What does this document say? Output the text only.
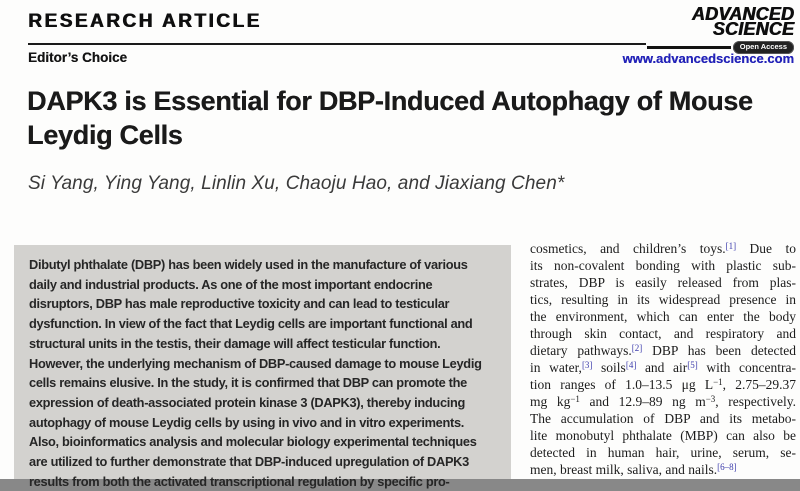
RESEARCH ARTICLE
Editor’s Choice
ADVANCED
SCIENCE
Open Access
www.advancedscience.com
DAPK3 is Essential for DBP-Induced Autophagy of Mouse
Leydig Cells
Si Yang, Ying Yang, Linlin Xu, Chaoju Hao, and Jiaxiang Chen*
Dibutyl phthalate (DBP) has been widely used in the manufacture of various
daily and industrial products. As one of the most important endocrine
disruptors, DBP has male reproductive toxicity and can lead to testicular
dysfunction. In view of the fact that Leydig cells are important functional and
structural units in the testis, their damage will affect testicular function.
However, the underlying mechanism of DBP-caused damage to mouse Leydig
cells remains elusive. In the study, it is confirmed that DBP can promote the
expression of death-associated protein kinase 3 (DAPK3), thereby inducing
autophagy of mouse Leydig cells by using in vivo and in vitro experiments.
Also, bioinformatics analysis and molecular biology experimental techniques
are utilized to further demonstrate that DBP-induced upregulation of DAPK3
results from both the activated transcriptional regulation by specific pro-
cosmetics, and children’s toys.[1] Due to
its non-covalent bonding with plastic sub-
strates, DBP is easily released from plas-
tics, resulting in its widespread presence in
the environment, which can enter the body
through skin contact, and respiratory and
dietary pathways.[2] DBP has been detected
in water,[3] soils[4] and air[5] with concentra-
tion ranges of 1.0–13.5 μg $L^{-1}$, 2.75–29.37
mg $kg^{-1}$ and 12.9–89 ng $m^{-3}$, respectively.
The accumulation of DBP and its metabo-
lite monobutyl phthalate (MBP) can also be
detected in human hair, urine, serum, se-
men, breast milk, saliva, and nails.[6–8]
